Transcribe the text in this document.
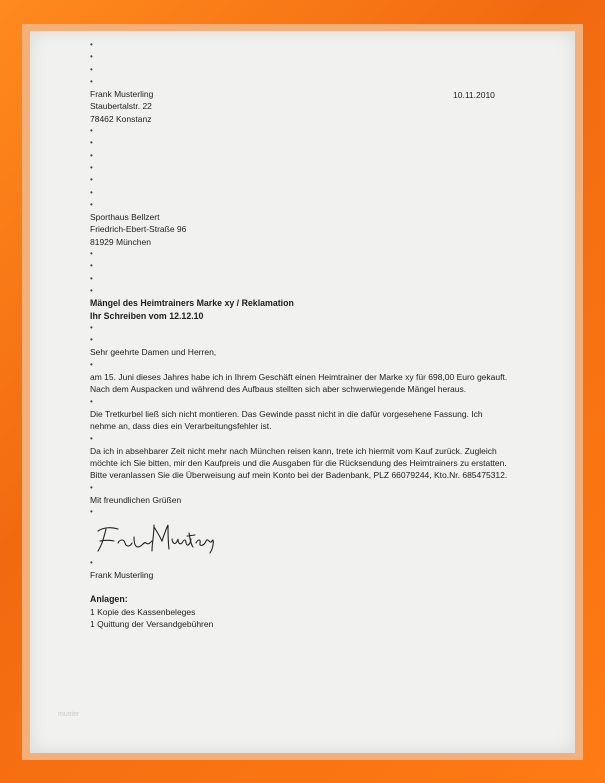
10.11.2010
•
•
•
•
Frank Musterling
Staubertalstr. 22
78462 Konstanz
•
•
•
•
•
•
•
Sporthaus Bellzert
Friedrich-Ebert-Straße 96
81929 München
•
•
•
•
Mängel des Heimtrainers Marke xy / Reklamation
Ihr Schreiben vom 12.12.10
•
•
Sehr geehrte Damen und Herren,
•
am 15. Juni dieses Jahres habe ich in Ihrem Geschäft einen Heimtrainer der Marke xy für 698,00 Euro gekauft. Nach dem Auspacken und während des Aufbaus stellten sich aber schwerwiegende Mängel heraus.
•
Die Tretkurbel ließ sich nicht montieren. Das Gewinde passt nicht in die dafür vorgesehene Fassung. Ich nehme an, dass dies ein Verarbeitungsfehler ist.
•
Da ich in absehbarer Zeit nicht mehr nach München reisen kann, trete ich hiermit vom Kauf zurück. Zugleich möchte ich Sie bitten, mir den Kaufpreis und die Ausgaben für die Rücksendung des Heimtrainers zu erstatten.
Bitte veranlassen Sie die Überweisung auf mein Konto bei der Badenbank, PLZ 66079244, Kto.Nr. 685475312.
•
Mit freundlichen Grüßen
•
•
Frank Musterling
Anlagen:
1 Kopie des Kassenbeleges
1 Quittung der Versandgebühren
muster
